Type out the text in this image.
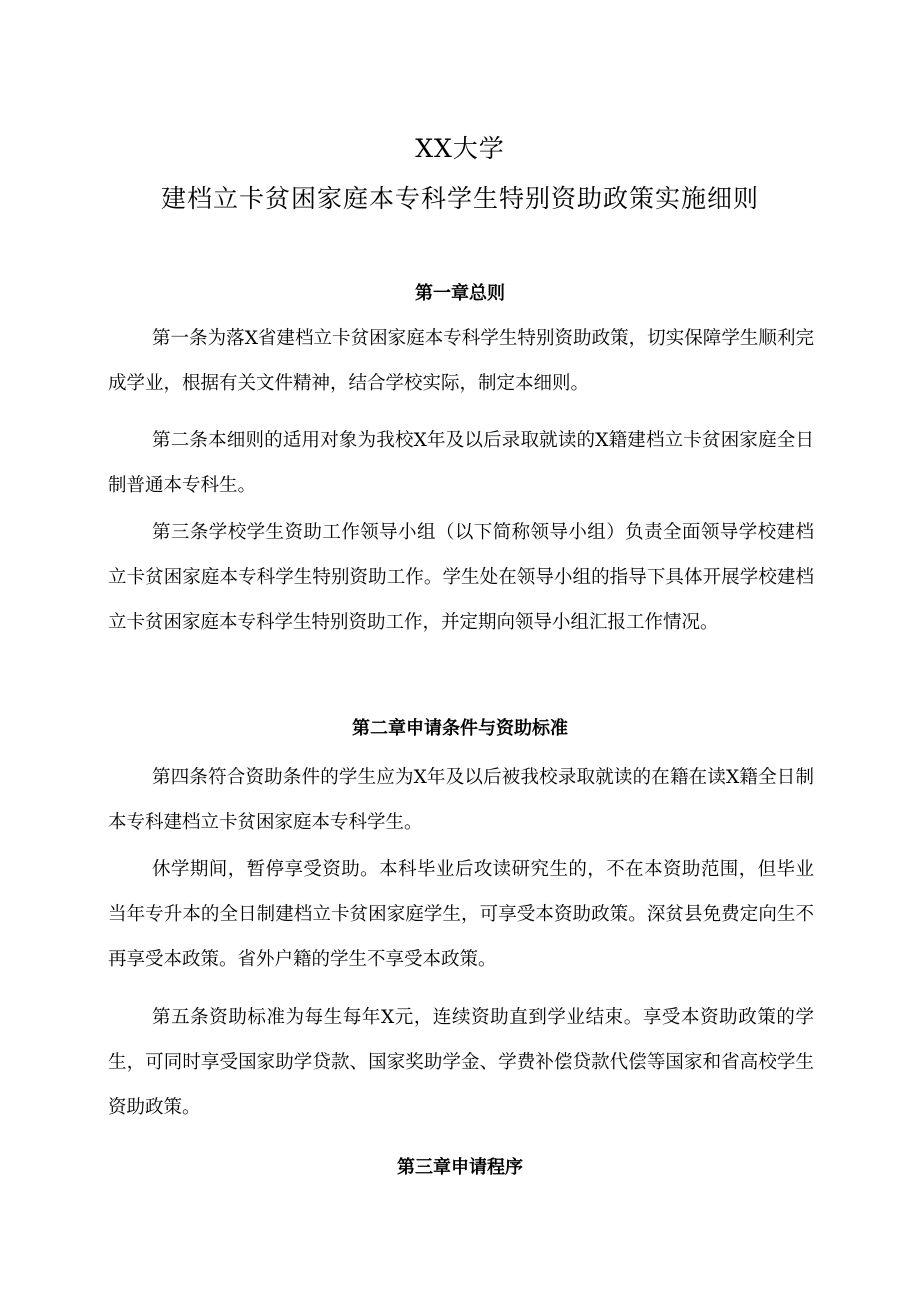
XX大学
建档立卡贫困家庭本专科学生特别资助政策实施细则
第一章总则

第一条为落X省建档立卡贫困家庭本专科学生特别资助政策，切实保障学生顺利完成学业，根据有关文件精神，结合学校实际，制定本细则。

第二条本细则的适用对象为我校X年及以后录取就读的X籍建档立卡贫困家庭全日制普通本专科生。

第三条学校学生资助工作领导小组（以下简称领导小组）负责全面领导学校建档立卡贫困家庭本专科学生特别资助工作。学生处在领导小组的指导下具体开展学校建档立卡贫困家庭本专科学生特别资助工作，并定期向领导小组汇报工作情况。

第二章申请条件与资助标准

第四条符合资助条件的学生应为X年及以后被我校录取就读的在籍在读X籍全日制本专科建档立卡贫困家庭本专科学生。

休学期间，暂停享受资助。本科毕业后攻读研究生的，不在本资助范围，但毕业当年专升本的全日制建档立卡贫困家庭学生，可享受本资助政策。深贫县免费定向生不再享受本政策。省外户籍的学生不享受本政策。

第五条资助标准为每生每年X元，连续资助直到学业结束。享受本资助政策的学生，可同时享受国家助学贷款、国家奖助学金、学费补偿贷款代偿等国家和省高校学生资助政策。

第三章申请程序
